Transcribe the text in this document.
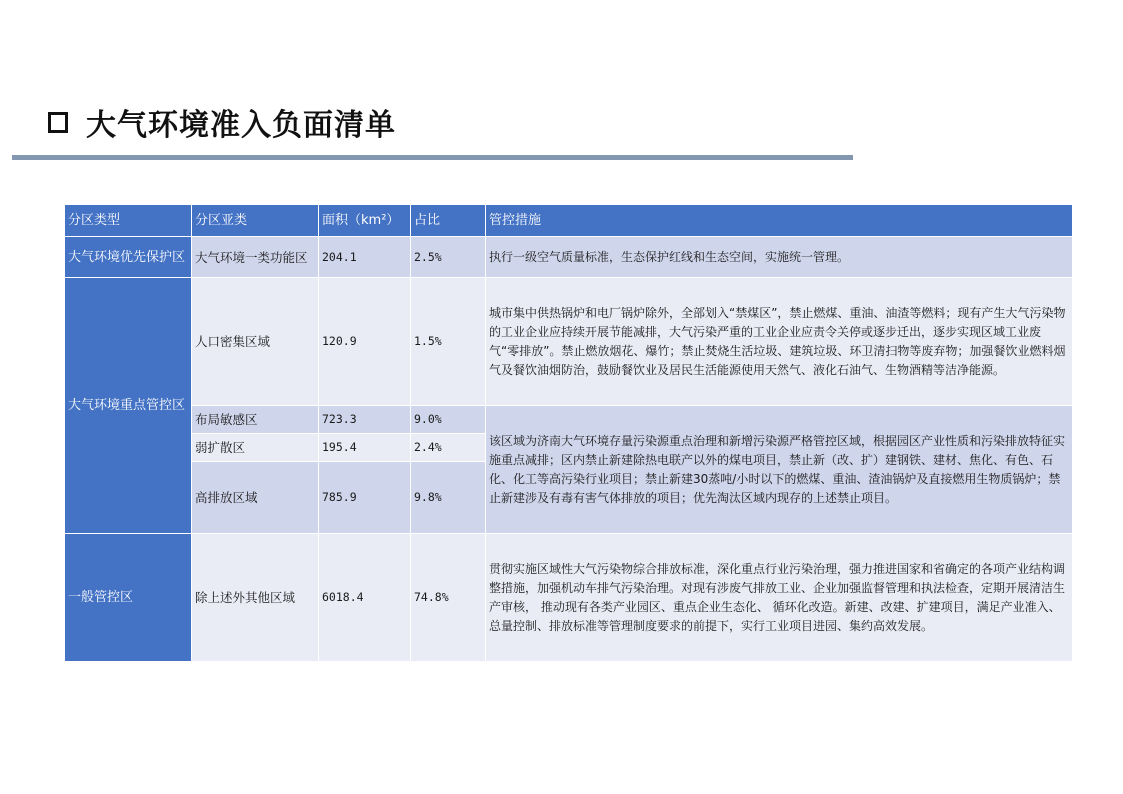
大气环境准入负面清单
分区类型	分区亚类	面积（km²）	占比	管控措施
大气环境优先保护区	大气环境一类功能区	204.1	2.5%	执行一级空气质量标准，生态保护红线和生态空间，实施统一管理。
大气环境重点管控区	人口密集区域	120.9	1.5%	城市集中供热锅炉和电厂锅炉除外，全部划入“禁煤区”，禁止燃煤、重油、油渣等燃料；现有产生大气污染物的工业企业应持续开展节能减排，大气污染严重的工业企业应责令关停或逐步迁出，逐步实现区域工业废气“零排放”。禁止燃放烟花、爆竹；禁止焚烧生活垃圾、建筑垃圾、环卫清扫物等废弃物；加强餐饮业燃料烟气及餐饮油烟防治，鼓励餐饮业及居民生活能源使用天然气、液化石油气、生物酒精等洁净能源。
	布局敏感区	723.3	9.0%	该区域为济南大气环境存量污染源重点治理和新增污染源严格管控区域，根据园区产业性质和污染排放特征实施重点减排；区内禁止新建除热电联产以外的煤电项目，禁止新（改、扩）建钢铁、建材、焦化、有色、石化、化工等高污染行业项目；禁止新建30蒸吨/小时以下的燃煤、重油、渣油锅炉及直接燃用生物质锅炉；禁止新建涉及有毒有害气体排放的项目；优先淘汰区域内现存的上述禁止项目。
	弱扩散区	195.4	2.4%	
	高排放区域	785.9	9.8%	
一般管控区	除上述外其他区域	6018.4	74.8%	贯彻实施区域性大气污染物综合排放标准，深化重点行业污染治理，强力推进国家和省确定的各项产业结构调整措施，加强机动车排气污染治理。对现有涉废气排放工业、企业加强监督管理和执法检查，定期开展清洁生产审核， 推动现有各类产业园区、重点企业生态化、 循环化改造。新建、改建、扩建项目，满足产业准入、总量控制、排放标准等管理制度要求的前提下，实行工业项目进园、集约高效发展。
